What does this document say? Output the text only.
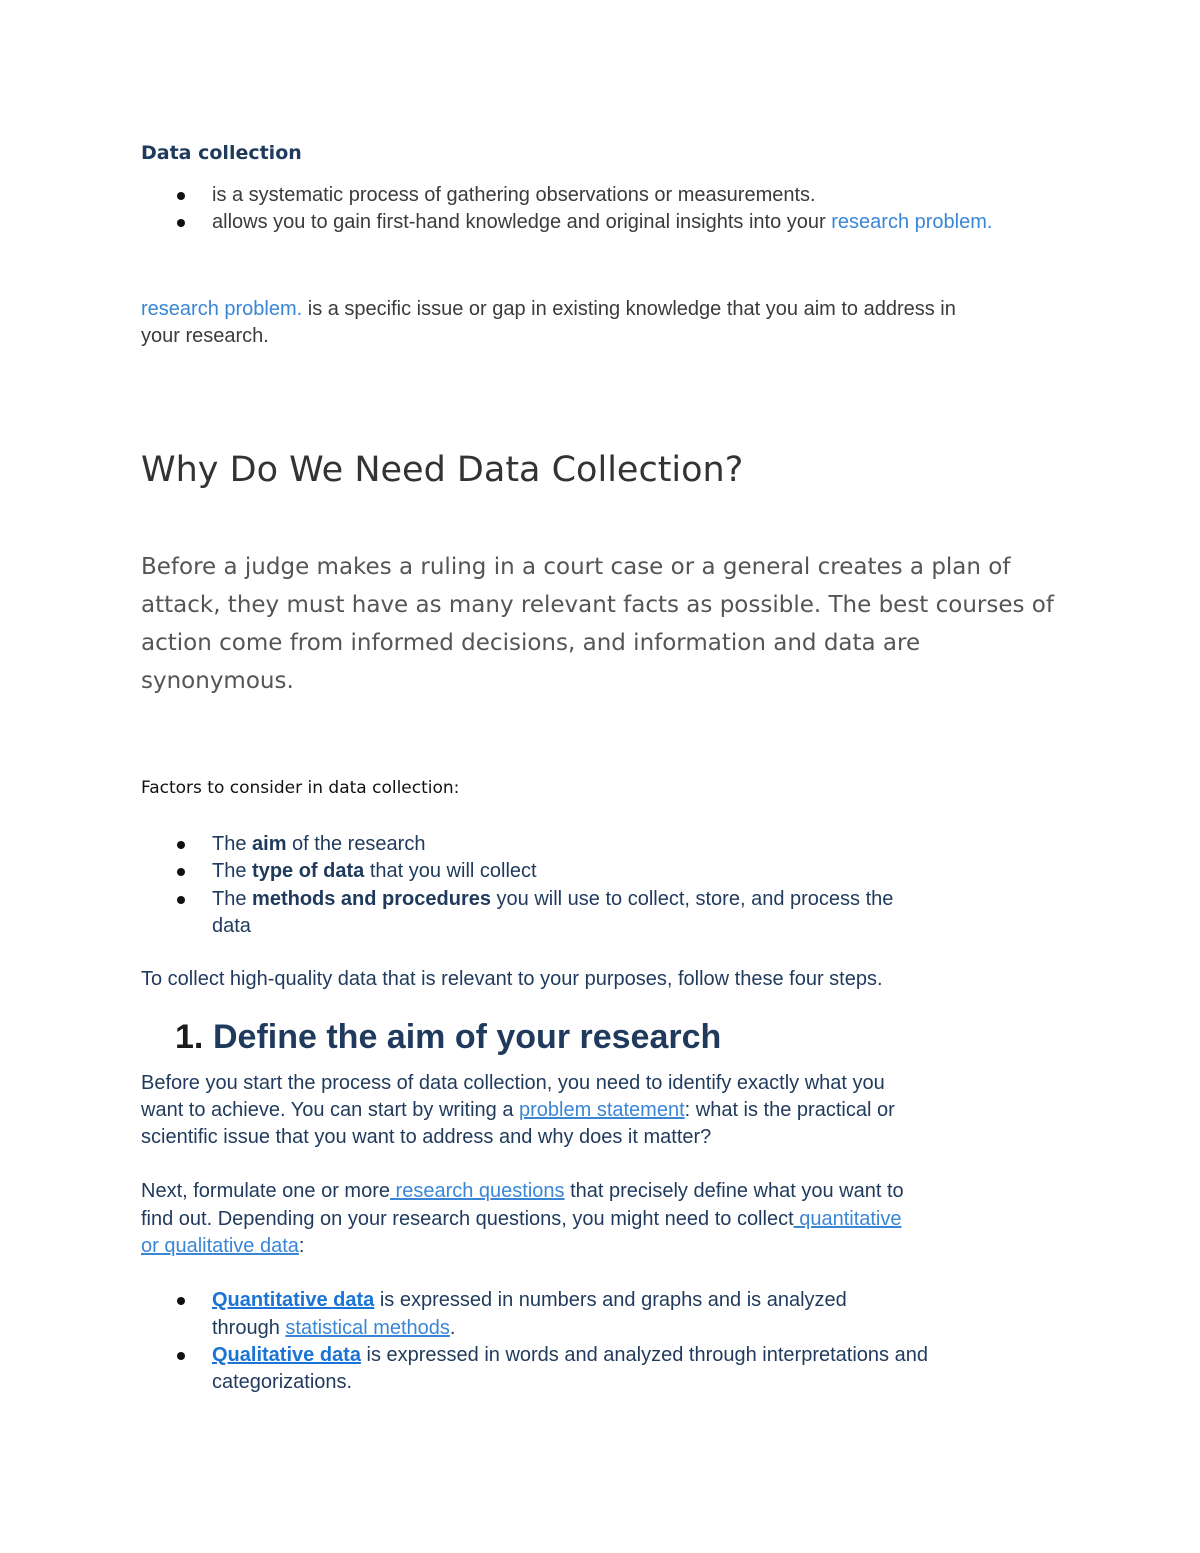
Data collection

is a systematic process of gathering observations or measurements.

allows you to gain first-hand knowledge and original insights into your research problem.

research problem. is a specific issue or gap in existing knowledge that you aim to address in

your research.

Why Do We Need Data Collection?

Before a judge makes a ruling in a court case or a general creates a plan of attack, they must have as many relevant facts as possible. The best courses of action come from informed decisions, and information and data are synonymous.

Factors to consider in data collection:

The aim of the research

The type of data that you will collect

The methods and procedures you will use to collect, store, and process the

data

To collect high-quality data that is relevant to your purposes, follow these four steps.

1. Define the aim of your research

Before you start the process of data collection, you need to identify exactly what you

want to achieve. You can start by writing a problem statement: what is the practical or

scientific issue that you want to address and why does it matter?

Next, formulate one or more research questions that precisely define what you want to

find out. Depending on your research questions, you might need to collect quantitative

or qualitative data:

Quantitative data is expressed in numbers and graphs and is analyzed

through statistical methods.

Qualitative data is expressed in words and analyzed through interpretations and

categorizations.
